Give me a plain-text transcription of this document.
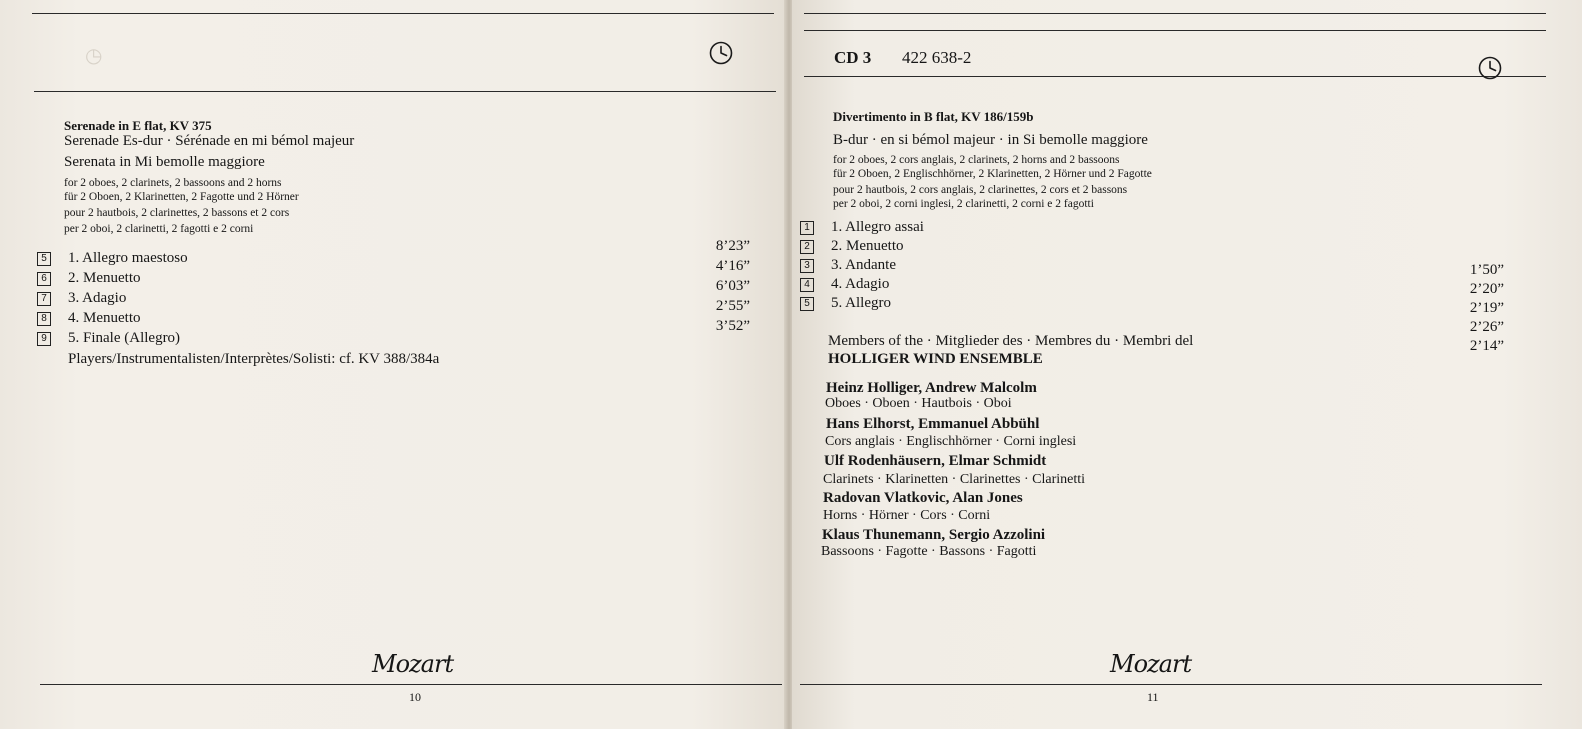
◷
Serenade in E flat, KV 375
Serenade Es-dur · Sérénade en mi bémol majeur
Serenata in Mi bemolle maggiore
for 2 oboes, 2 clarinets, 2 bassoons and 2 horns
für 2 Oboen, 2 Klarinetten, 2 Fagotte und 2 Hörner
pour 2 hautbois, 2 clarinettes, 2 bassons et 2 cors
per 2 oboi, 2 clarinetti, 2 fagotti e 2 corni
5 1. Allegro maestoso
6 2. Menuetto
7 3. Adagio
8 4. Menuetto
9 5. Finale (Allegro)
8’23”
4’16”
6’03”
2’55”
3’52”
Players/Instrumentalisten/Interprètes/Solisti: cf. KV 388/384a
Mozart
10
CD 3 422 638-2
Divertimento in B flat, KV 186/159b
B-dur · en si bémol majeur · in Si bemolle maggiore
for 2 oboes, 2 cors anglais, 2 clarinets, 2 horns and 2 bassoons
für 2 Oboen, 2 Englischhörner, 2 Klarinetten, 2 Hörner und 2 Fagotte
pour 2 hautbois, 2 cors anglais, 2 clarinettes, 2 cors et 2 bassons
per 2 oboi, 2 corni inglesi, 2 clarinetti, 2 corni e 2 fagotti
1 1. Allegro assai
2 2. Menuetto
3 3. Andante
4 4. Adagio
5 5. Allegro
1’50”
2’20”
2’19”
2’26”
2’14”
Members of the · Mitglieder des · Membres du · Membri del
HOLLIGER WIND ENSEMBLE
Heinz Holliger, Andrew Malcolm
Oboes · Oboen · Hautbois · Oboi
Hans Elhorst, Emmanuel Abbühl
Cors anglais · Englischhörner · Corni inglesi
Ulf Rodenhäusern, Elmar Schmidt
Clarinets · Klarinetten · Clarinettes · Clarinetti
Radovan Vlatkovic, Alan Jones
Horns · Hörner · Cors · Corni
Klaus Thunemann, Sergio Azzolini
Bassoons · Fagotte · Bassons · Fagotti
Mozart
11
